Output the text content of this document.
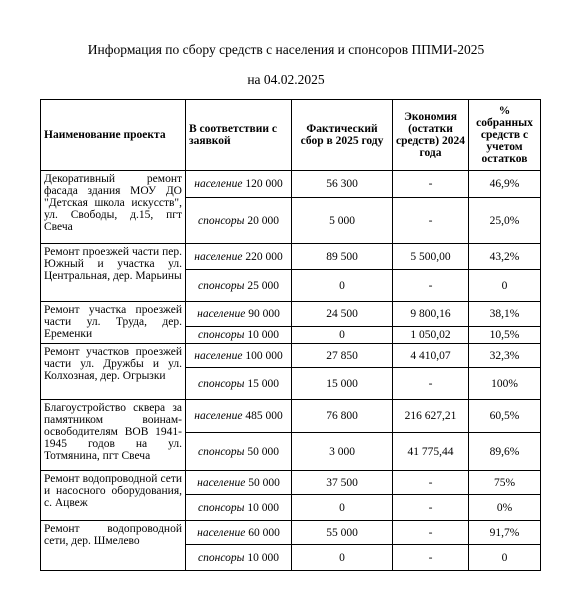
Информация по сбору средств с населения и спонсоров ППМИ-2025
на 04.02.2025
Наименование проекта	В соответствии с заявкой	Фактический сбор в 2025 году	Экономия (остатки средств) 2024 года	% собранных средств с учетом остатков
Декоративный ремонт фасада здания МОУ ДО "Детская школа искусств", ул. Свободы, д.15, пгт Свеча	население 120 000	56 300	-	46,9%
	спонсоры 20 000	5 000	-	25,0%
Ремонт проезжей части пер. Южный и участка ул. Центральная, дер. Марьины	население 220 000	89 500	5 500,00	43,2%
	спонсоры 25 000	0	-	0
Ремонт участка проезжей части ул. Труда, дер. Еременки	население 90 000	24 500	9 800,16	38,1%
	спонсоры 10 000	0	1 050,02	10,5%
Ремонт участков проезжей части ул. Дружбы и ул. Колхозная, дер. Огрызки	население 100 000	27 850	4 410,07	32,3%
	спонсоры 15 000	15 000	-	100%
Благоустройство сквера за памятником воинам-освободителям ВОВ 1941-1945 годов на ул. Тотмянина, пгт Свеча	население 485 000	76 800	216 627,21	60,5%
	спонсоры 50 000	3 000	41 775,44	89,6%
Ремонт водопроводной сети и насосного оборудования, с. Ацвеж	население 50 000	37 500	-	75%
	спонсоры 10 000	0	-	0%
Ремонт водопроводной сети, дер. Шмелево	население 60 000	55 000	-	91,7%
	спонсоры 10 000	0	-	0
